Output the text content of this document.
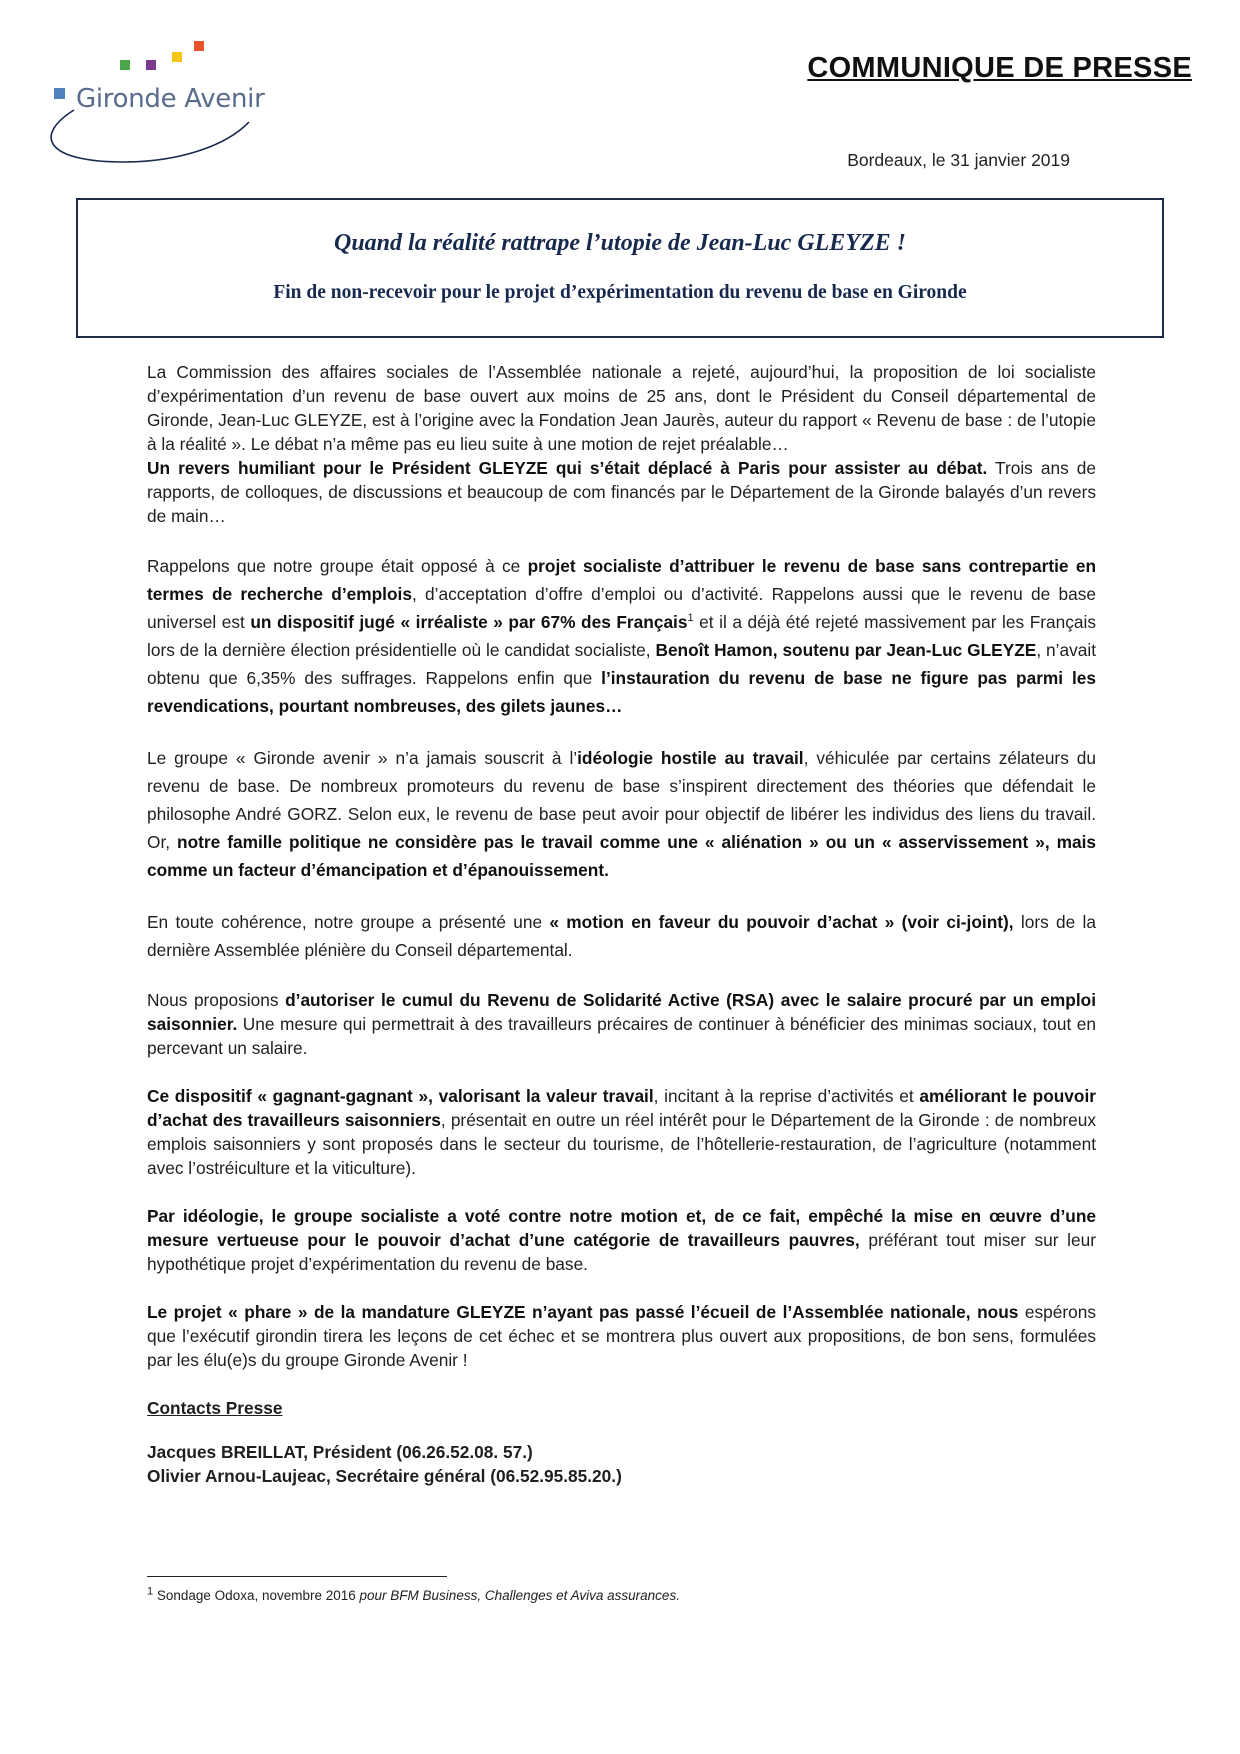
Gironde Avenir
COMMUNIQUE DE PRESSE
Bordeaux, le 31 janvier 2019
Quand la réalité rattrape l’utopie de Jean-Luc GLEYZE !
Fin de non-recevoir pour le projet d’expérimentation du revenu de base en Gironde

La Commission des affaires sociales de l’Assemblée nationale a rejeté, aujourd’hui, la proposition de loi socialiste d’expérimentation d’un revenu de base ouvert aux moins de 25 ans, dont le Président du Conseil départemental de Gironde, Jean-Luc GLEYZE, est à l’origine avec la Fondation Jean Jaurès, auteur du rapport « Revenu de base : de l’utopie à la réalité ». Le débat n’a même pas eu lieu suite à une motion de rejet préalable…
Un revers humiliant pour le Président GLEYZE qui s’était déplacé à Paris pour assister au débat. Trois ans de rapports, de colloques, de discussions et beaucoup de com financés par le Département de la Gironde balayés d’un revers de main…

Rappelons que notre groupe était opposé à ce projet socialiste d’attribuer le revenu de base sans contrepartie en termes de recherche d’emplois, d’acceptation d’offre d’emploi ou d’activité. Rappelons aussi que le revenu de base universel est un dispositif jugé « irréaliste » par 67% des Français$^1$ et il a déjà été rejeté massivement par les Français lors de la dernière élection présidentielle où le candidat socialiste, Benoît Hamon, soutenu par Jean-Luc GLEYZE, n’avait obtenu que 6,35% des suffrages. Rappelons enfin que l’instauration du revenu de base ne figure pas parmi les revendications, pourtant nombreuses, des gilets jaunes…

Le groupe « Gironde avenir » n’a jamais souscrit à l’idéologie hostile au travail, véhiculée par certains zélateurs du revenu de base. De nombreux promoteurs du revenu de base s’inspirent directement des théories que défendait le philosophe André GORZ. Selon eux, le revenu de base peut avoir pour objectif de libérer les individus des liens du travail. Or, notre famille politique ne considère pas le travail comme une « aliénation » ou un « asservissement », mais comme un facteur d’émancipation et d’épanouissement.

En toute cohérence, notre groupe a présenté une « motion en faveur du pouvoir d’achat » (voir ci-joint), lors de la dernière Assemblée plénière du Conseil départemental.

Nous proposions d’autoriser le cumul du Revenu de Solidarité Active (RSA) avec le salaire procuré par un emploi saisonnier. Une mesure qui permettrait à des travailleurs précaires de continuer à bénéficier des minimas sociaux, tout en percevant un salaire.

Ce dispositif « gagnant-gagnant », valorisant la valeur travail, incitant à la reprise d’activités et améliorant le pouvoir d’achat des travailleurs saisonniers, présentait en outre un réel intérêt pour le Département de la Gironde : de nombreux emplois saisonniers y sont proposés dans le secteur du tourisme, de l’hôtellerie-restauration, de l’agriculture (notamment avec l’ostréiculture et la viticulture).

Par idéologie, le groupe socialiste a voté contre notre motion et, de ce fait, empêché la mise en œuvre d’une mesure vertueuse pour le pouvoir d’achat d’une catégorie de travailleurs pauvres, préférant tout miser sur leur hypothétique projet d’expérimentation du revenu de base.

Le projet « phare » de la mandature GLEYZE n’ayant pas passé l’écueil de l’Assemblée nationale, nous espérons que l’exécutif girondin tirera les leçons de cet échec et se montrera plus ouvert aux propositions, de bon sens, formulées par les élu(e)s du groupe Gironde Avenir !

Contacts Presse

Jacques BREILLAT, Président (06.26.52.08. 57.)

Olivier Arnou-Laujeac, Secrétaire général (06.52.95.85.20.)

$^1$ Sondage Odoxa, novembre 2016 pour BFM Business, Challenges et Aviva assurances.
